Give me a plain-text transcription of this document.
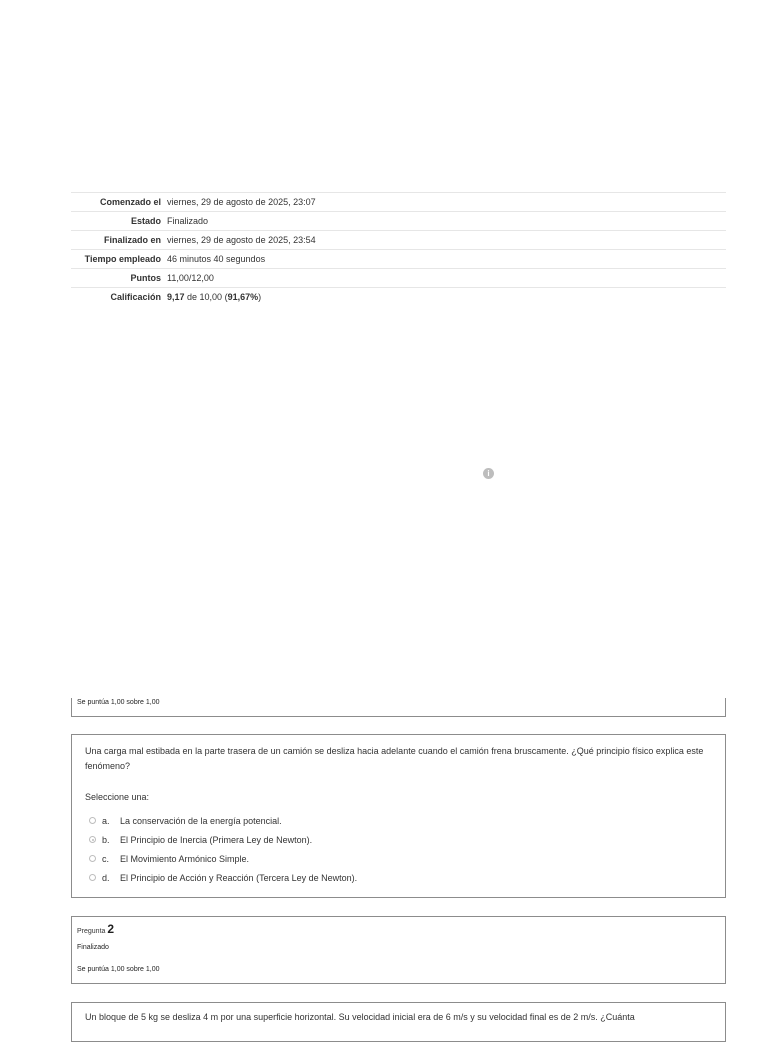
Comenzado el viernes, 29 de agosto de 2025, 23:07
Estado Finalizado
Finalizado en viernes, 29 de agosto de 2025, 23:54
Tiempo empleado 46 minutos 40 segundos
Puntos 11,00/12,00
Calificación 9,17 de 10,00 (91,67%)
i
Se puntúa 1,00 sobre 1,00
Una carga mal estibada en la parte trasera de un camión se desliza hacia adelante cuando el camión frena bruscamente. ¿Qué principio físico explica este fenómeno?
Seleccione una:
a.	La conservación de la energía potencial.
b.	El Principio de Inercia (Primera Ley de Newton).
c.	El Movimiento Armónico Simple.
d.	El Principio de Acción y Reacción (Tercera Ley de Newton).
Pregunta 2
Finalizado
Se puntúa 1,00 sobre 1,00
Un bloque de 5 kg se desliza 4 m por una superficie horizontal. Su velocidad inicial era de 6 m/s y su velocidad final es de 2 m/s. ¿Cuánta
